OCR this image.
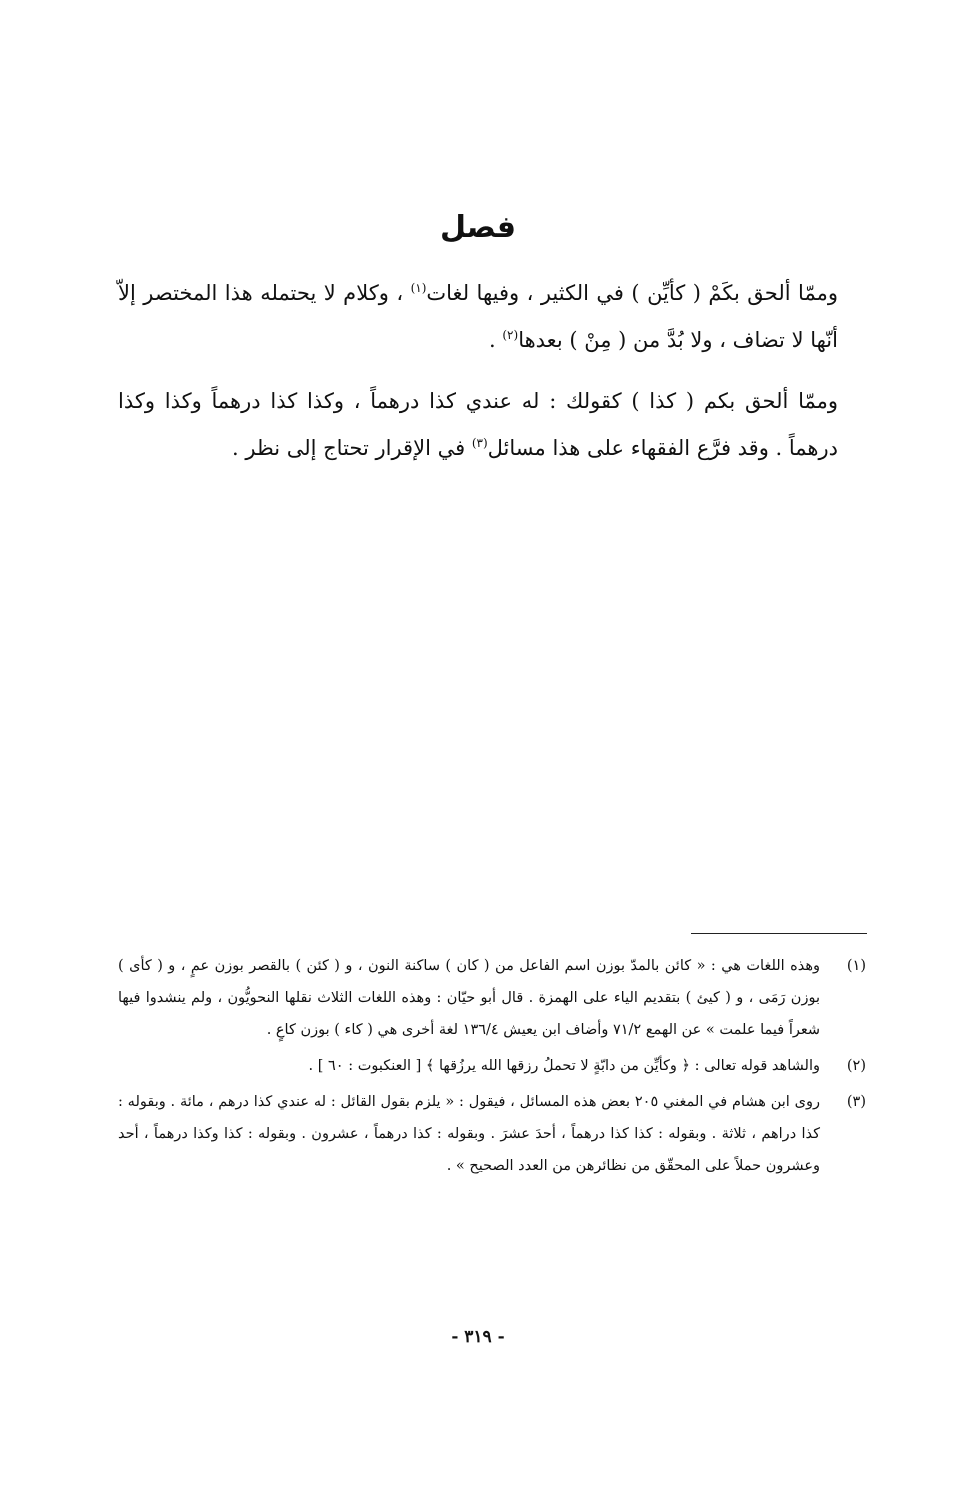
فصل

وممّا ألحق بكَمْ ( كأيِّن ) في الكثير ، وفيها لغات$^{(١)}$ ، وكلام لا يحتمله هذا المختصر إلاّ أنّها لا تضاف ، ولا بُدَّ من ( مِنْ ) بعدها$^{(٢)}$ .

وممّا ألحق بكم ( كذا ) كقولك : له عندي كذا درهماً ، وكذا كذا درهماً وكذا وكذا درهماً . وقد فرَّع الفقهاء على هذا مسائل$^{(٣)}$ في الإقرار تحتاج إلى نظر .

(١)
وهذه اللغات هي : « كائن بالمدّ بوزن اسم الفاعل من ( كان ) ساكنة النون ، و ( كئن ) بالقصر بوزن عمٍ ، و ( كأى ) بوزن رَمَى ، و ( كيئ ) بتقديم الياء على الهمزة . قال أبو حيّان : وهذه اللغات الثلاث نقلها النحويُّون ، ولم ينشدوا فيها شعراً فيما علمت » عن الهمع ٧١/٢ وأضاف ابن يعيش ١٣٦/٤ لغة أخرى هي ( كاء ) بوزن كاعٍ .
(٢)
والشاهد قوله تعالى : ﴿ وكأيِّن من دابّةٍ لا تحملُ رزقها الله يرزُقها ﴾ [ العنكبوت : ٦٠ ] .
(٣)
روى ابن هشام في المغني ٢٠٥ بعض هذه المسائل ، فيقول : « يلزم بقول القائل : له عندي كذا درهم ، مائة . وبقوله : كذا دراهم ، ثلاثة . وبقوله : كذا كذا درهماً ، أحدَ عشرَ . وبقوله : كذا درهماً ، عشرون . وبقوله : كذا وكذا درهماً ، أحد وعشرون حملاً على المحقّق من نظائرهن من العدد الصحيح » .
- ٣١٩ -
